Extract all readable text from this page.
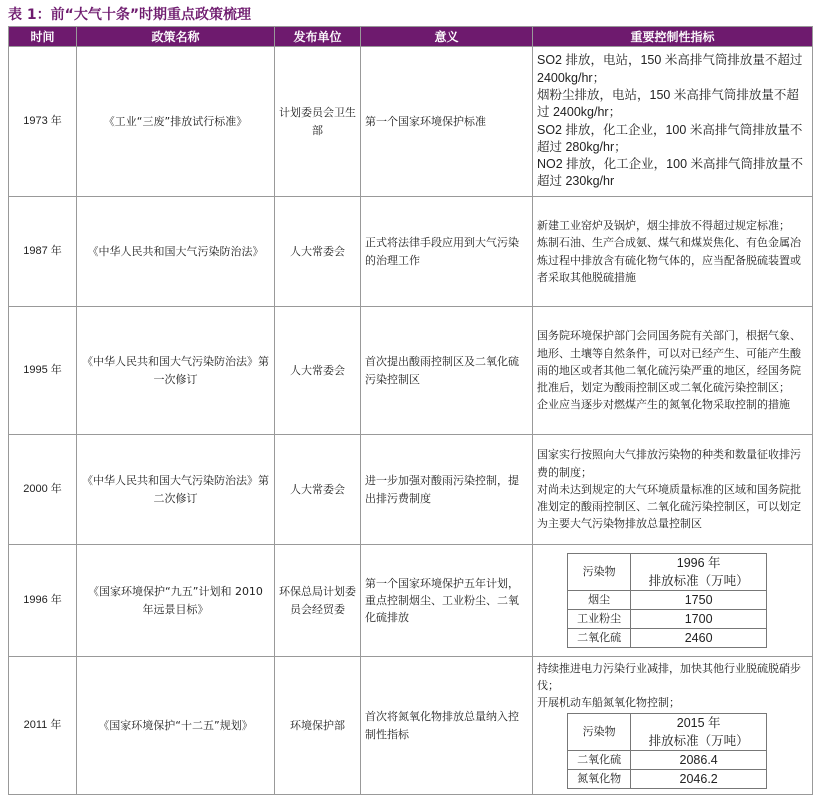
表 1：前“大气十条”时期重点政策梳理
时间	政策名称	发布单位	意义	重要控制性指标
1973 年	《工业“三废”排放试行标准》	计划委员会卫生部	第一个国家环境保护标准	
SO2 排放，电站，150 米高排气筒排放量不超过 2400kg/hr；
烟粉尘排放，电站，150 米高排气筒排放量不超过 2400kg/hr；
SO2 排放，化工企业，100 米高排气筒排放量不超过 280kg/hr；
NO2 排放，化工企业，100 米高排气筒排放量不超过 230kg/hr

1987 年	《中华人民共和国大气污染防治法》	人大常委会	正式将法律手段应用到大气污染的治理工作	
新建工业窑炉及锅炉，烟尘排放不得超过规定标准；
炼制石油、生产合成氨、煤气和煤炭焦化、有色金属冶炼过程中排放含有硫化物气体的，应当配备脱硫装置或者采取其他脱硫措施

1995 年	《中华人民共和国大气污染防治法》第一次修订	人大常委会	首次提出酸雨控制区及二氧化硫污染控制区	
国务院环境保护部门会同国务院有关部门，根据气象、地形、土壤等自然条件，可以对已经产生、可能产生酸雨的地区或者其他二氧化硫污染严重的地区，经国务院批准后，划定为酸雨控制区或二氧化硫污染控制区；
企业应当逐步对燃煤产生的氮氧化物采取控制的措施

2000 年	《中华人民共和国大气污染防治法》第二次修订	人大常委会	进一步加强对酸雨污染控制，提出排污费制度	
国家实行按照向大气排放污染物的种类和数量征收排污费的制度；
对尚未达到规定的大气环境质量标准的区域和国务院批准划定的酸雨控制区、二氧化硫污染控制区，可以划定为主要大气污染物排放总量控制区

1996 年	《国家环境保护“九五”计划和 2010 年远景目标》	环保总局计划委员会经贸委	第一个国家环境保护五年计划，重点控制烟尘、工业粉尘、二氧化硫排放	
污染物	
1996 年
排放标准（万吨）

烟尘	1750
工业粉尘	1700
二氧化硫	2460

2011 年	《国家环境保护“十二五”规划》	环境保护部	首次将氮氧化物排放总量纳入控制性指标	
持续推进电力污染行业减排，加快其他行业脱硫脱硝步伐；
开展机动车船氮氧化物控制；
污染物	
2015 年
排放标准（万吨）

二氧化硫	2086.4
氮氧化物	2046.2
